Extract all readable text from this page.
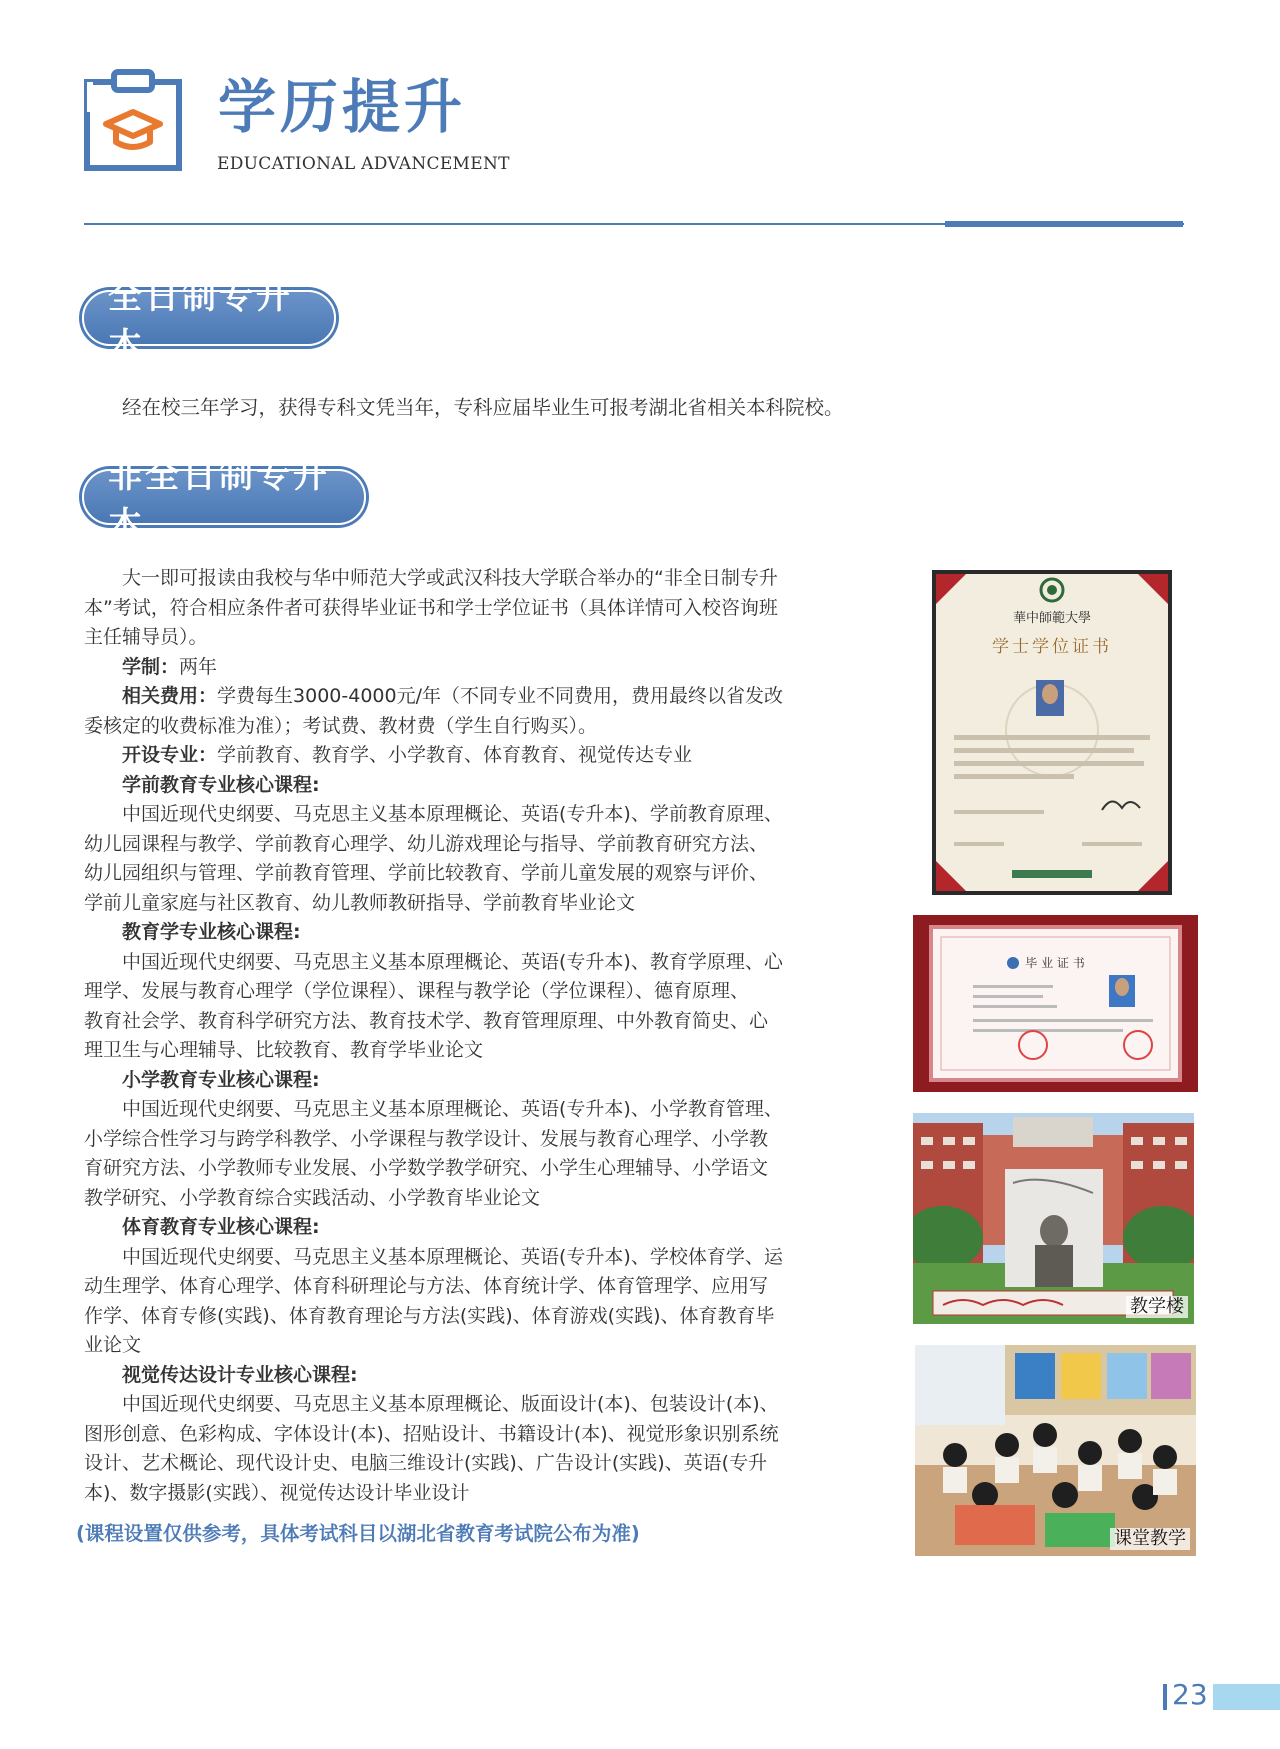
学历提升
EDUCATIONAL ADVANCEMENT
全日制专升本
经在校三年学习，获得专科文凭当年，专科应届毕业生可报考湖北省相关本科院校。
非全日制专升本
大一即可报读由我校与华中师范大学或武汉科技大学联合举办的“非全日制专升
本”考试，符合相应条件者可获得毕业证书和学士学位证书（具体详情可入校咨询班
主任辅导员）。
学制：两年
相关费用：学费每生3000-4000元/年（不同专业不同费用，费用最终以省发改
委核定的收费标准为准）；考试费、教材费（学生自行购买）。
开设专业：学前教育、教育学、小学教育、体育教育、视觉传达专业
学前教育专业核心课程:
中国近现代史纲要、马克思主义基本原理概论、英语(专升本)、学前教育原理、
幼儿园课程与教学、学前教育心理学、幼儿游戏理论与指导、学前教育研究方法、
幼儿园组织与管理、学前教育管理、学前比较教育、学前儿童发展的观察与评价、
学前儿童家庭与社区教育、幼儿教师教研指导、学前教育毕业论文
教育学专业核心课程:
中国近现代史纲要、马克思主义基本原理概论、英语(专升本)、教育学原理、心
理学、发展与教育心理学（学位课程）、课程与教学论（学位课程）、德育原理、
教育社会学、教育科学研究方法、教育技术学、教育管理原理、中外教育简史、心
理卫生与心理辅导、比较教育、教育学毕业论文
小学教育专业核心课程:
中国近现代史纲要、马克思主义基本原理概论、英语(专升本)、小学教育管理、
小学综合性学习与跨学科教学、小学课程与教学设计、发展与教育心理学、小学教
育研究方法、小学教师专业发展、小学数学教学研究、小学生心理辅导、小学语文
教学研究、小学教育综合实践活动、小学教育毕业论文
体育教育专业核心课程:
中国近现代史纲要、马克思主义基本原理概论、英语(专升本)、学校体育学、运
动生理学、体育心理学、体育科研理论与方法、体育统计学、体育管理学、应用写
作学、体育专修(实践)、体育教育理论与方法(实践)、体育游戏(实践)、体育教育毕
业论文
视觉传达设计专业核心课程:
中国近现代史纲要、马克思主义基本原理概论、版面设计(本)、包装设计(本)、
图形创意、色彩构成、字体设计(本)、招贴设计、书籍设计(本)、视觉形象识别系统
设计、艺术概论、现代设计史、电脑三维设计(实践)、广告设计(实践)、英语(专升
本)、数字摄影(实践）、视觉传达设计毕业设计
(课程设置仅供参考，具体考试科目以湖北省教育考试院公布为准)
華中師範大學
学士学位证书
毕 业 证 书
教学楼
课堂教学
23
